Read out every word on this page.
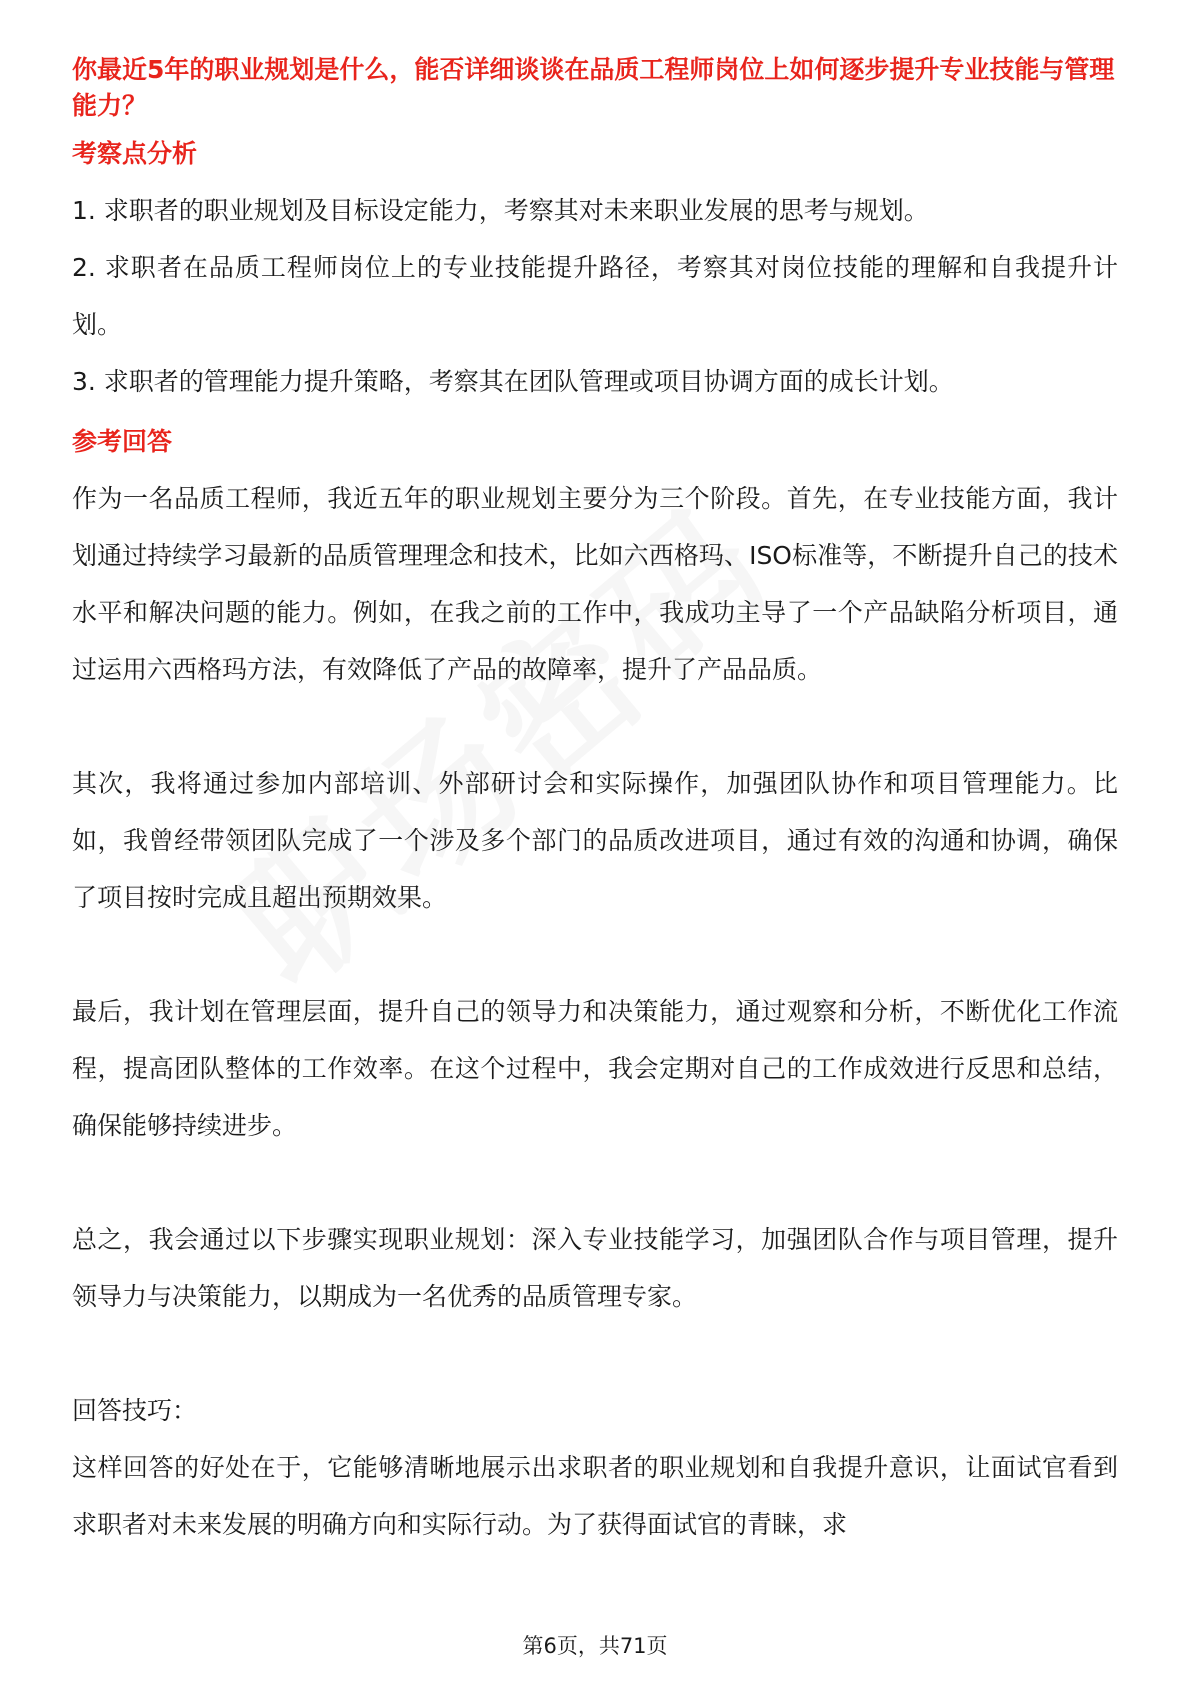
你最近5年的职业规划是什么，能否详细谈谈在品质工程师岗位上如何逐步提升专业技能与管理能力？

考察点分析

1. 求职者的职业规划及目标设定能力，考察其对未来职业发展的思考与规划。

2. 求职者在品质工程师岗位上的专业技能提升路径，考察其对岗位技能的理解和自我提升计划。

3. 求职者的管理能力提升策略，考察其在团队管理或项目协调方面的成长计划。

参考回答

作为一名品质工程师，我近五年的职业规划主要分为三个阶段。首先，在专业技能方面，我计划通过持续学习最新的品质管理理念和技术，比如六西格玛、ISO标准等，不断提升自己的技术水平和解决问题的能力。例如，在我之前的工作中，我成功主导了一个产品缺陷分析项目，通过运用六西格玛方法，有效降低了产品的故障率，提升了产品品质。

其次，我将通过参加内部培训、外部研讨会和实际操作，加强团队协作和项目管理能力。比如，我曾经带领团队完成了一个涉及多个部门的品质改进项目，通过有效的沟通和协调，确保了项目按时完成且超出预期效果。

最后，我计划在管理层面，提升自己的领导力和决策能力，通过观察和分析，不断优化工作流程，提高团队整体的工作效率。在这个过程中，我会定期对自己的工作成效进行反思和总结，确保能够持续进步。

总之，我会通过以下步骤实现职业规划：深入专业技能学习，加强团队合作与项目管理，提升领导力与决策能力，以期成为一名优秀的品质管理专家。

回答技巧：

这样回答的好处在于，它能够清晰地展示出求职者的职业规划和自我提升意识，让面试官看到求职者对未来发展的明确方向和实际行动。为了获得面试官的青睐，求

第6页，共71页
